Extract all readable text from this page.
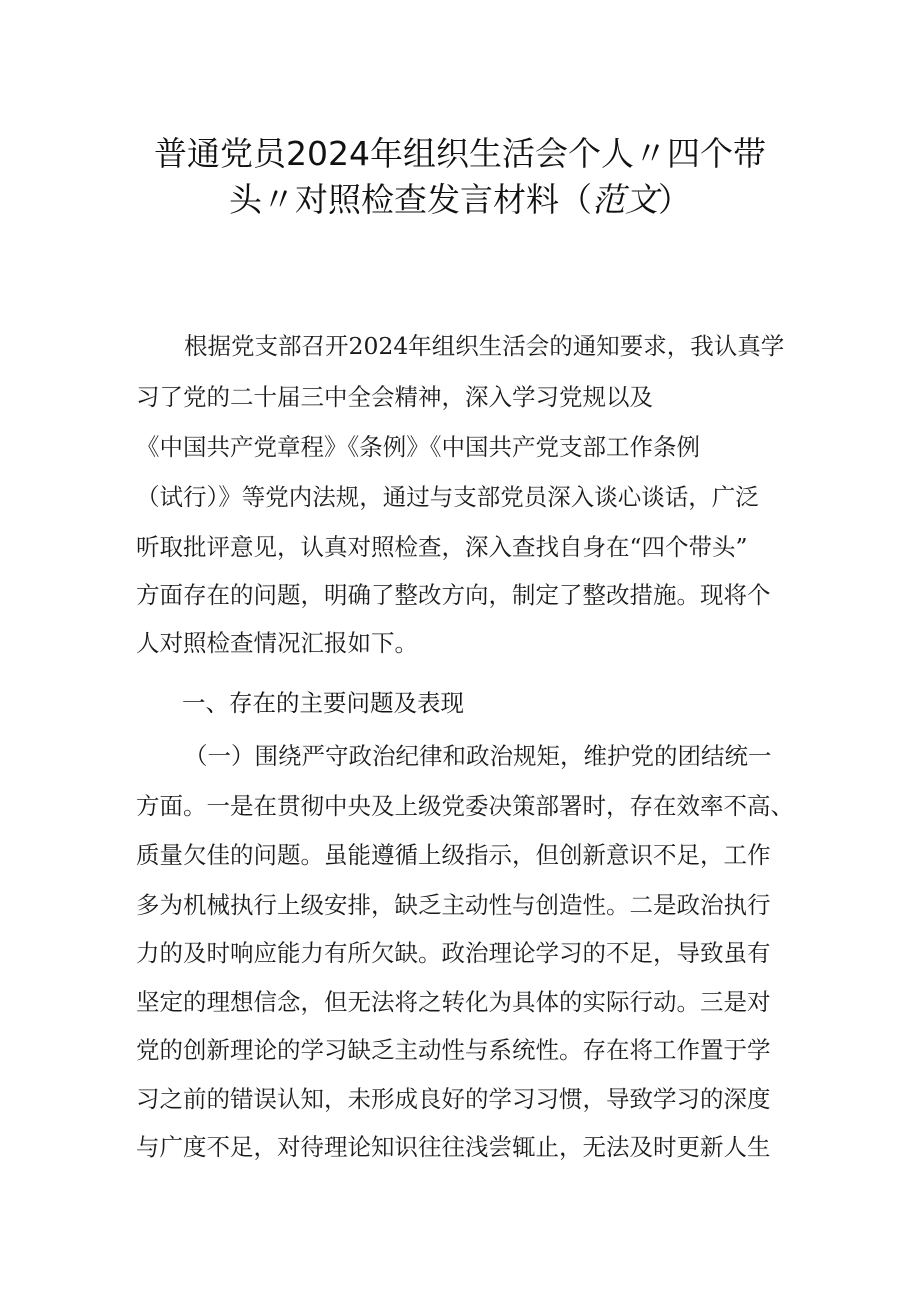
普通党员2024年组织生活会个人〃四个带
头〃对照检查发言材料（范文）
根据党支部召开2024年组织生活会的通知要求，我认真学
习了党的二十届三中全会精神，深入学习党规以及
《中国共产党章程》《条例》《中国共产党支部工作条例
（试行）》等党内法规，通过与支部党员深入谈心谈话，广泛
听取批评意见，认真对照检查，深入查找自身在“四个带头”
方面存在的问题，明确了整改方向，制定了整改措施。现将个
人对照检查情况汇报如下。
一、存在的主要问题及表现
（一）围绕严守政治纪律和政治规矩，维护党的团结统一
方面。一是在贯彻中央及上级党委决策部署时，存在效率不高、
质量欠佳的问题。虽能遵循上级指示，但创新意识不足，工作
多为机械执行上级安排，缺乏主动性与创造性。二是政治执行
力的及时响应能力有所欠缺。政治理论学习的不足，导致虽有
坚定的理想信念，但无法将之转化为具体的实际行动。三是对
党的创新理论的学习缺乏主动性与系统性。存在将工作置于学
习之前的错误认知，未形成良好的学习习惯，导致学习的深度
与广度不足，对待理论知识往往浅尝辄止，无法及时更新人生
